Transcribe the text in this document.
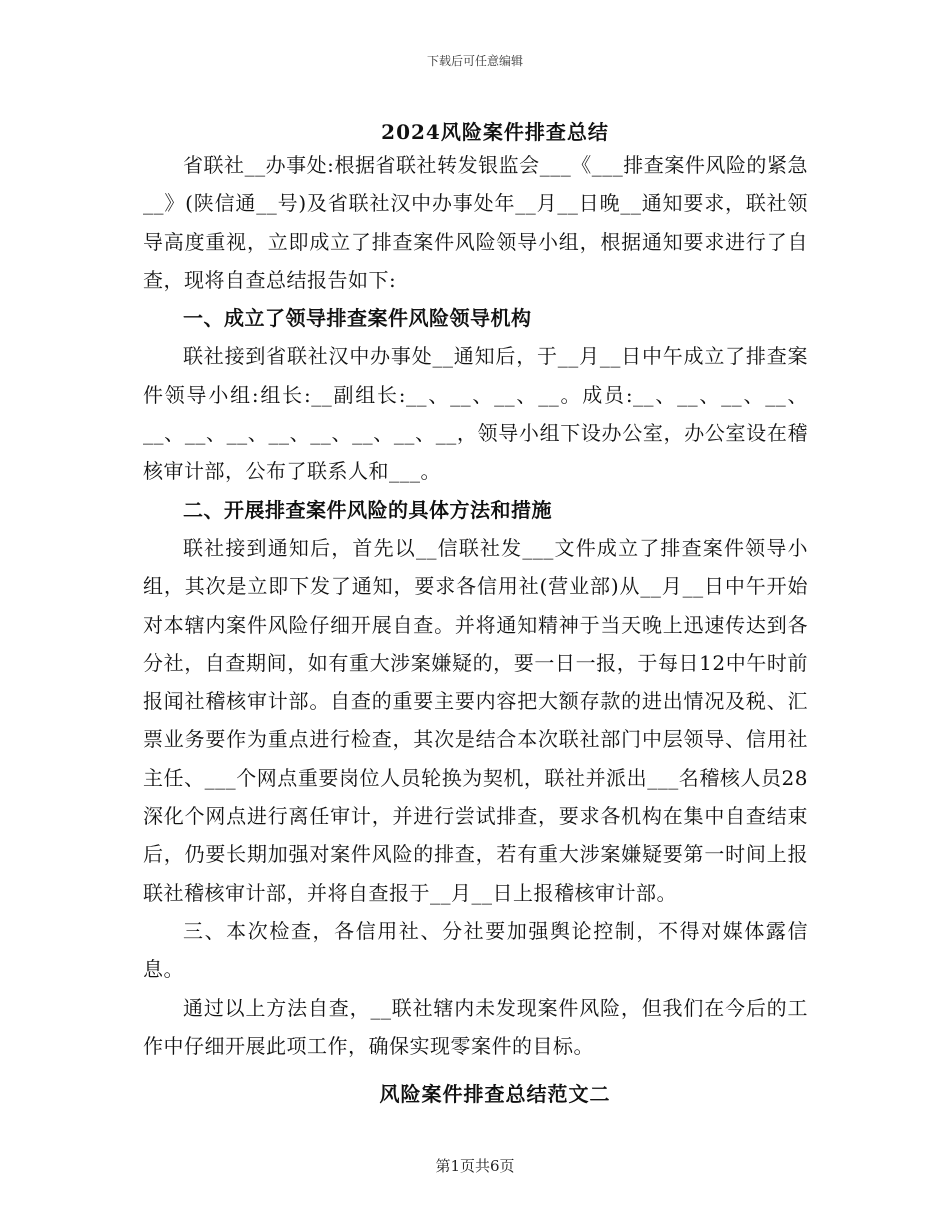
下载后可任意编辑
2024风险案件排查总结

省联社__办事处:根据省联社转发银监会___《___排查案件风险的紧急__》(陕信通__号)及省联社汉中办事处年__月__日晚__通知要求，联社领导高度重视，立即成立了排查案件风险领导小组，根据通知要求进行了自查，现将自查总结报告如下:

一、成立了领导排查案件风险领导机构

联社接到省联社汉中办事处__通知后，于__月__日中午成立了排查案件领导小组:组长:__副组长:__、__、__、__。成员:__、__、__、__、__、__、__、__、__、__、__、__，领导小组下设办公室，办公室设在稽核审计部，公布了联系人和___。

二、开展排查案件风险的具体方法和措施

联社接到通知后，首先以__信联社发___文件成立了排查案件领导小组，其次是立即下发了通知，要求各信用社(营业部)从__月__日中午开始对本辖内案件风险仔细开展自查。并将通知精神于当天晚上迅速传达到各分社，自查期间，如有重大涉案嫌疑的，要一日一报，于每日12中午时前报闻社稽核审计部。自查的重要主要内容把大额存款的进出情况及税、汇票业务要作为重点进行检查，其次是结合本次联社部门中层领导、信用社主任、___个网点重要岗位人员轮换为契机，联社并派出___名稽核人员28深化个网点进行离任审计，并进行尝试排查，要求各机构在集中自查结束后，仍要长期加强对案件风险的排查，若有重大涉案嫌疑要第一时间上报联社稽核审计部，并将自查报于__月__日上报稽核审计部。

三、本次检查，各信用社、分社要加强舆论控制，不得对媒体露信息。

通过以上方法自查，__联社辖内未发现案件风险，但我们在今后的工作中仔细开展此项工作，确保实现零案件的目标。

风险案件排查总结范文二
第1页共6页
